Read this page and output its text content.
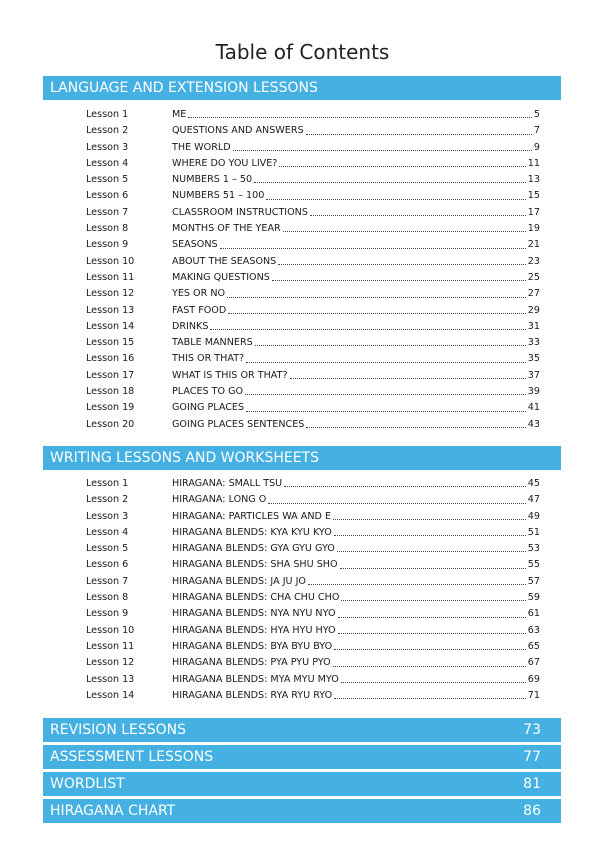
Table of Contents
LANGUAGE AND EXTENSION LESSONS
Lesson 1	ME	5
Lesson 2	QUESTIONS AND ANSWERS	7
Lesson 3	THE WORLD	9
Lesson 4	WHERE DO YOU LIVE?	11
Lesson 5	NUMBERS 1 – 50	13
Lesson 6	NUMBERS 51 – 100	15
Lesson 7	CLASSROOM INSTRUCTIONS	17
Lesson 8	MONTHS OF THE YEAR	19
Lesson 9	SEASONS	21
Lesson 10	ABOUT THE SEASONS	23
Lesson 11	MAKING QUESTIONS	25
Lesson 12	YES OR NO	27
Lesson 13	FAST FOOD	29
Lesson 14	DRINKS	31
Lesson 15	TABLE MANNERS	33
Lesson 16	THIS OR THAT?	35
Lesson 17	WHAT IS THIS OR THAT?	37
Lesson 18	PLACES TO GO	39
Lesson 19	GOING PLACES	41
Lesson 20	GOING PLACES SENTENCES	43
WRITING LESSONS AND WORKSHEETS
Lesson 1	HIRAGANA: SMALL TSU	45
Lesson 2	HIRAGANA: LONG O	47
Lesson 3	HIRAGANA: PARTICLES WA AND E	49
Lesson 4	HIRAGANA BLENDS: KYA KYU KYO	51
Lesson 5	HIRAGANA BLENDS: GYA GYU GYO	53
Lesson 6	HIRAGANA BLENDS: SHA SHU SHO	55
Lesson 7	HIRAGANA BLENDS: JA JU JO	57
Lesson 8	HIRAGANA BLENDS: CHA CHU CHO	59
Lesson 9	HIRAGANA BLENDS: NYA NYU NYO	61
Lesson 10	HIRAGANA BLENDS: HYA HYU HYO	63
Lesson 11	HIRAGANA BLENDS: BYA BYU BYO	65
Lesson 12	HIRAGANA BLENDS: PYA PYU PYO	67
Lesson 13	HIRAGANA BLENDS: MYA MYU MYO	69
Lesson 14	HIRAGANA BLENDS: RYA RYU RYO	71
REVISION LESSONS	73
ASSESSMENT LESSONS	77
WORDLIST	81
HIRAGANA CHART	86
